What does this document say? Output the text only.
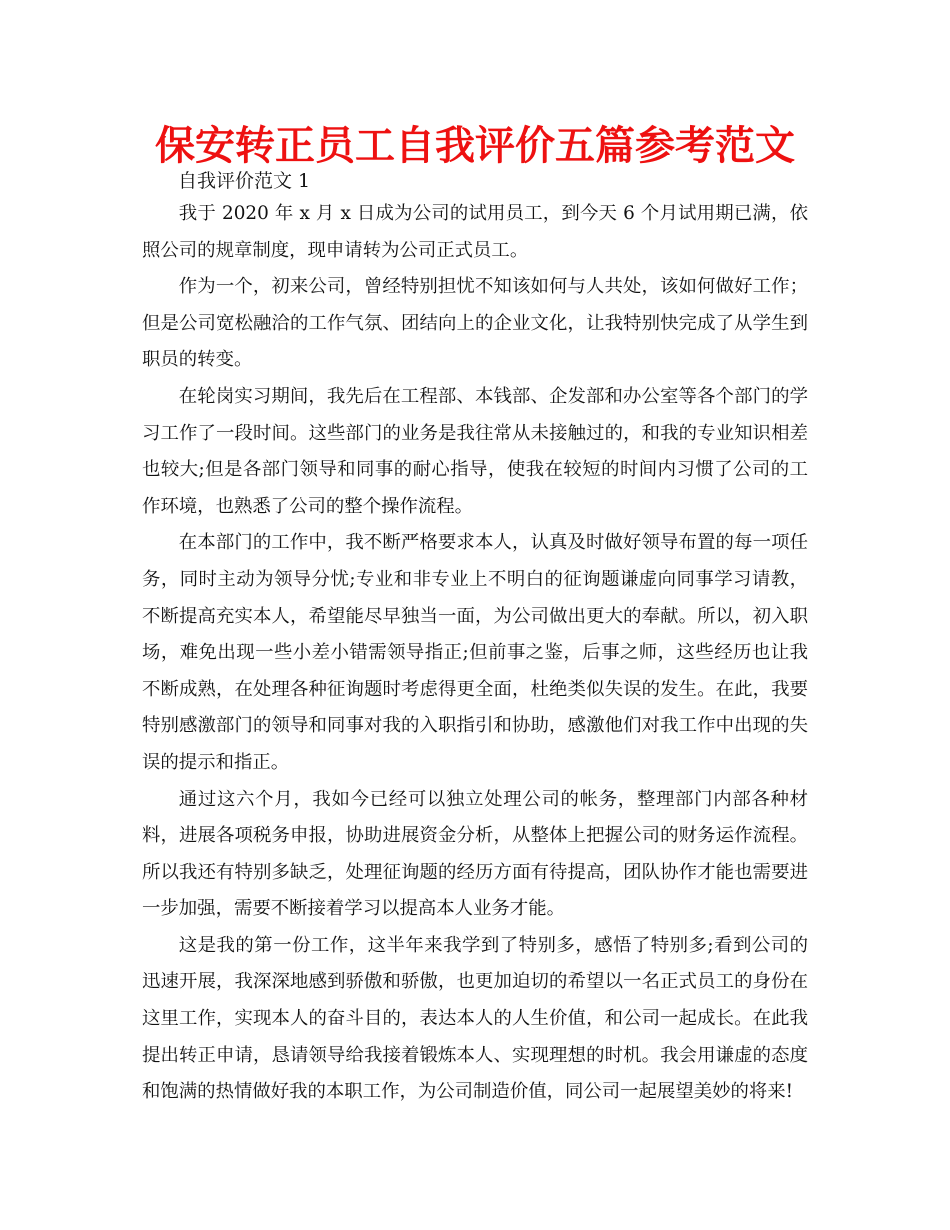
保安转正员工自我评价五篇参考范文

自我评价范文 1

我于 2020 年 x 月 x 日成为公司的试用员工，到今天 6 个月试用期已满，依照公司的规章制度，现申请转为公司正式员工。

作为一个，初来公司，曾经特别担忧不知该如何与人共处，该如何做好工作；但是公司宽松融洽的工作气氛、团结向上的企业文化，让我特别快完成了从学生到职员的转变。

在轮岗实习期间，我先后在工程部、本钱部、企发部和办公室等各个部门的学习工作了一段时间。这些部门的业务是我往常从未接触过的，和我的专业知识相差也较大;但是各部门领导和同事的耐心指导，使我在较短的时间内习惯了公司的工作环境，也熟悉了公司的整个操作流程。

在本部门的工作中，我不断严格要求本人，认真及时做好领导布置的每一项任务，同时主动为领导分忧;专业和非专业上不明白的征询题谦虚向同事学习请教，不断提高充实本人，希望能尽早独当一面，为公司做出更大的奉献。所以，初入职场，难免出现一些小差小错需领导指正;但前事之鉴，后事之师，这些经历也让我不断成熟，在处理各种征询题时考虑得更全面，杜绝类似失误的发生。在此，我要特别感激部门的领导和同事对我的入职指引和协助，感激他们对我工作中出现的失误的提示和指正。

通过这六个月，我如今已经可以独立处理公司的帐务，整理部门内部各种材料，进展各项税务申报，协助进展资金分析，从整体上把握公司的财务运作流程。所以我还有特别多缺乏，处理征询题的经历方面有待提高，团队协作才能也需要进一步加强，需要不断接着学习以提高本人业务才能。

这是我的第一份工作，这半年来我学到了特别多，感悟了特别多;看到公司的迅速开展，我深深地感到骄傲和骄傲，也更加迫切的希望以一名正式员工的身份在这里工作，实现本人的奋斗目的，表达本人的人生价值，和公司一起成长。在此我提出转正申请，恳请领导给我接着锻炼本人、实现理想的时机。我会用谦虚的态度和饱满的热情做好我的本职工作，为公司制造价值，同公司一起展望美妙的将来!
